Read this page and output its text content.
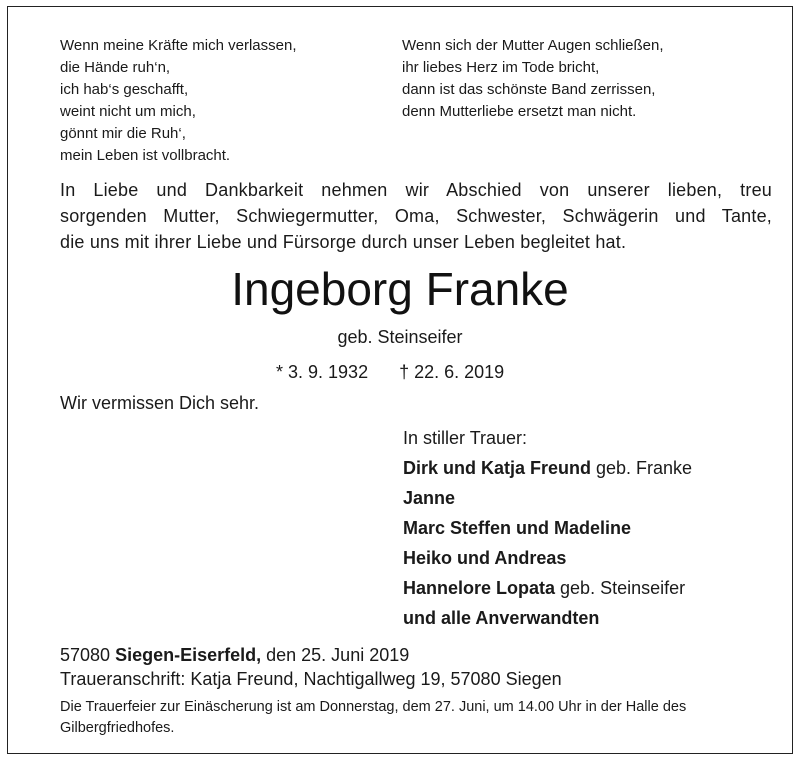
Wenn meine Kräfte mich verlassen,
die Hände ruh‘n,
ich hab‘s geschafft,
weint nicht um mich,
gönnt mir die Ruh‘,
mein Leben ist vollbracht.
Wenn sich der Mutter Augen schließen,
ihr liebes Herz im Tode bricht,
dann ist das schönste Band zerrissen,
denn Mutterliebe ersetzt man nicht.
In Liebe und Dankbarkeit nehmen wir Abschied von unserer lieben, treu
sorgenden Mutter, Schwiegermutter, Oma, Schwester, Schwägerin und Tante,
die uns mit ihrer Liebe und Fürsorge durch unser Leben begleitet hat.
Ingeborg Franke
geb. Steinseifer
* 3. 9. 1932 † 22. 6. 2019
Wir vermissen Dich sehr.
In stiller Trauer:
Dirk und Katja Freund geb. Franke
Janne
Marc Steffen und Madeline
Heiko und Andreas
Hannelore Lopata geb. Steinseifer
und alle Anverwandten
57080 Siegen-Eiserfeld, den 25. Juni 2019
Traueranschrift: Katja Freund, Nachtigallweg 19, 57080 Siegen
Die Trauerfeier zur Einäscherung ist am Donnerstag, dem 27. Juni, um 14.00 Uhr in der Halle des Gilbergfriedhofes.
